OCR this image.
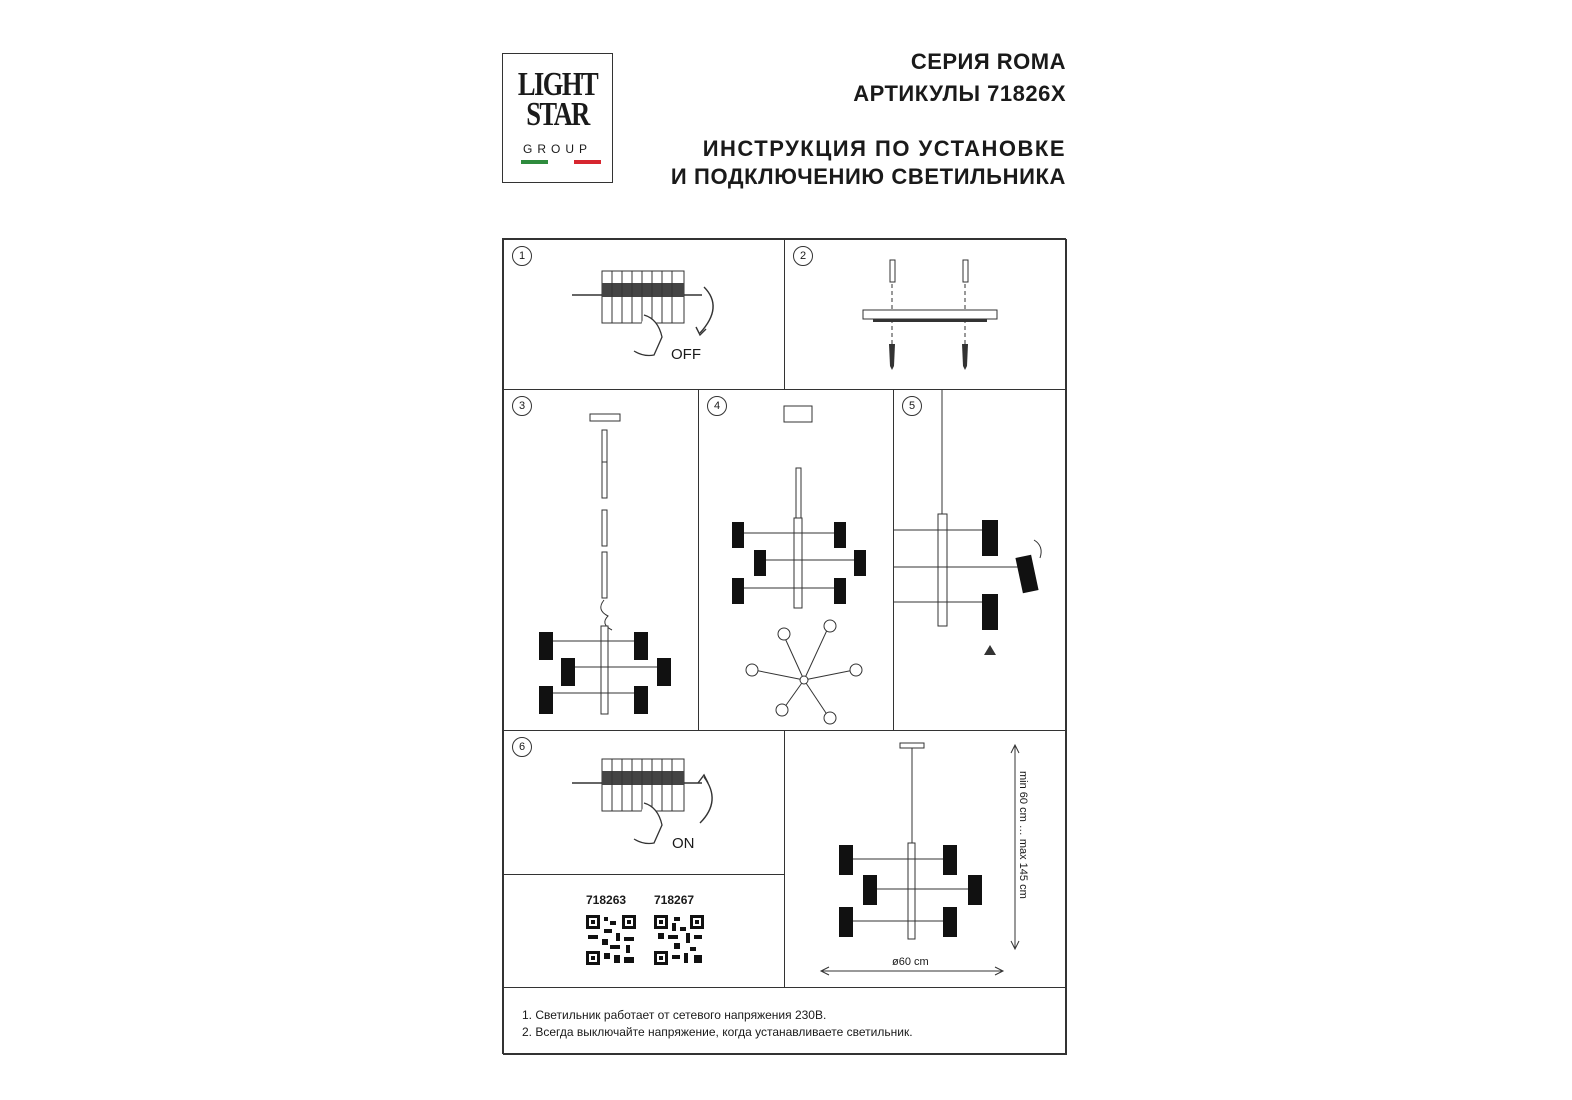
LIGHT
STAR
GROUP
СЕРИЯ ROMA
АРТИКУЛЫ 71826X
ИНСТРУКЦИЯ ПО УСТАНОВКЕ
И ПОДКЛЮЧЕНИЮ СВЕТИЛЬНИКА
1
OFF
2
3	4	5
6
ON	min 60 cm … max 145 cm
ø60 cm
718263 718267
1. Светильник работает от сетевого напряжения 230В.
2. Всегда выключайте напряжение, когда устанавливаете светильник.
